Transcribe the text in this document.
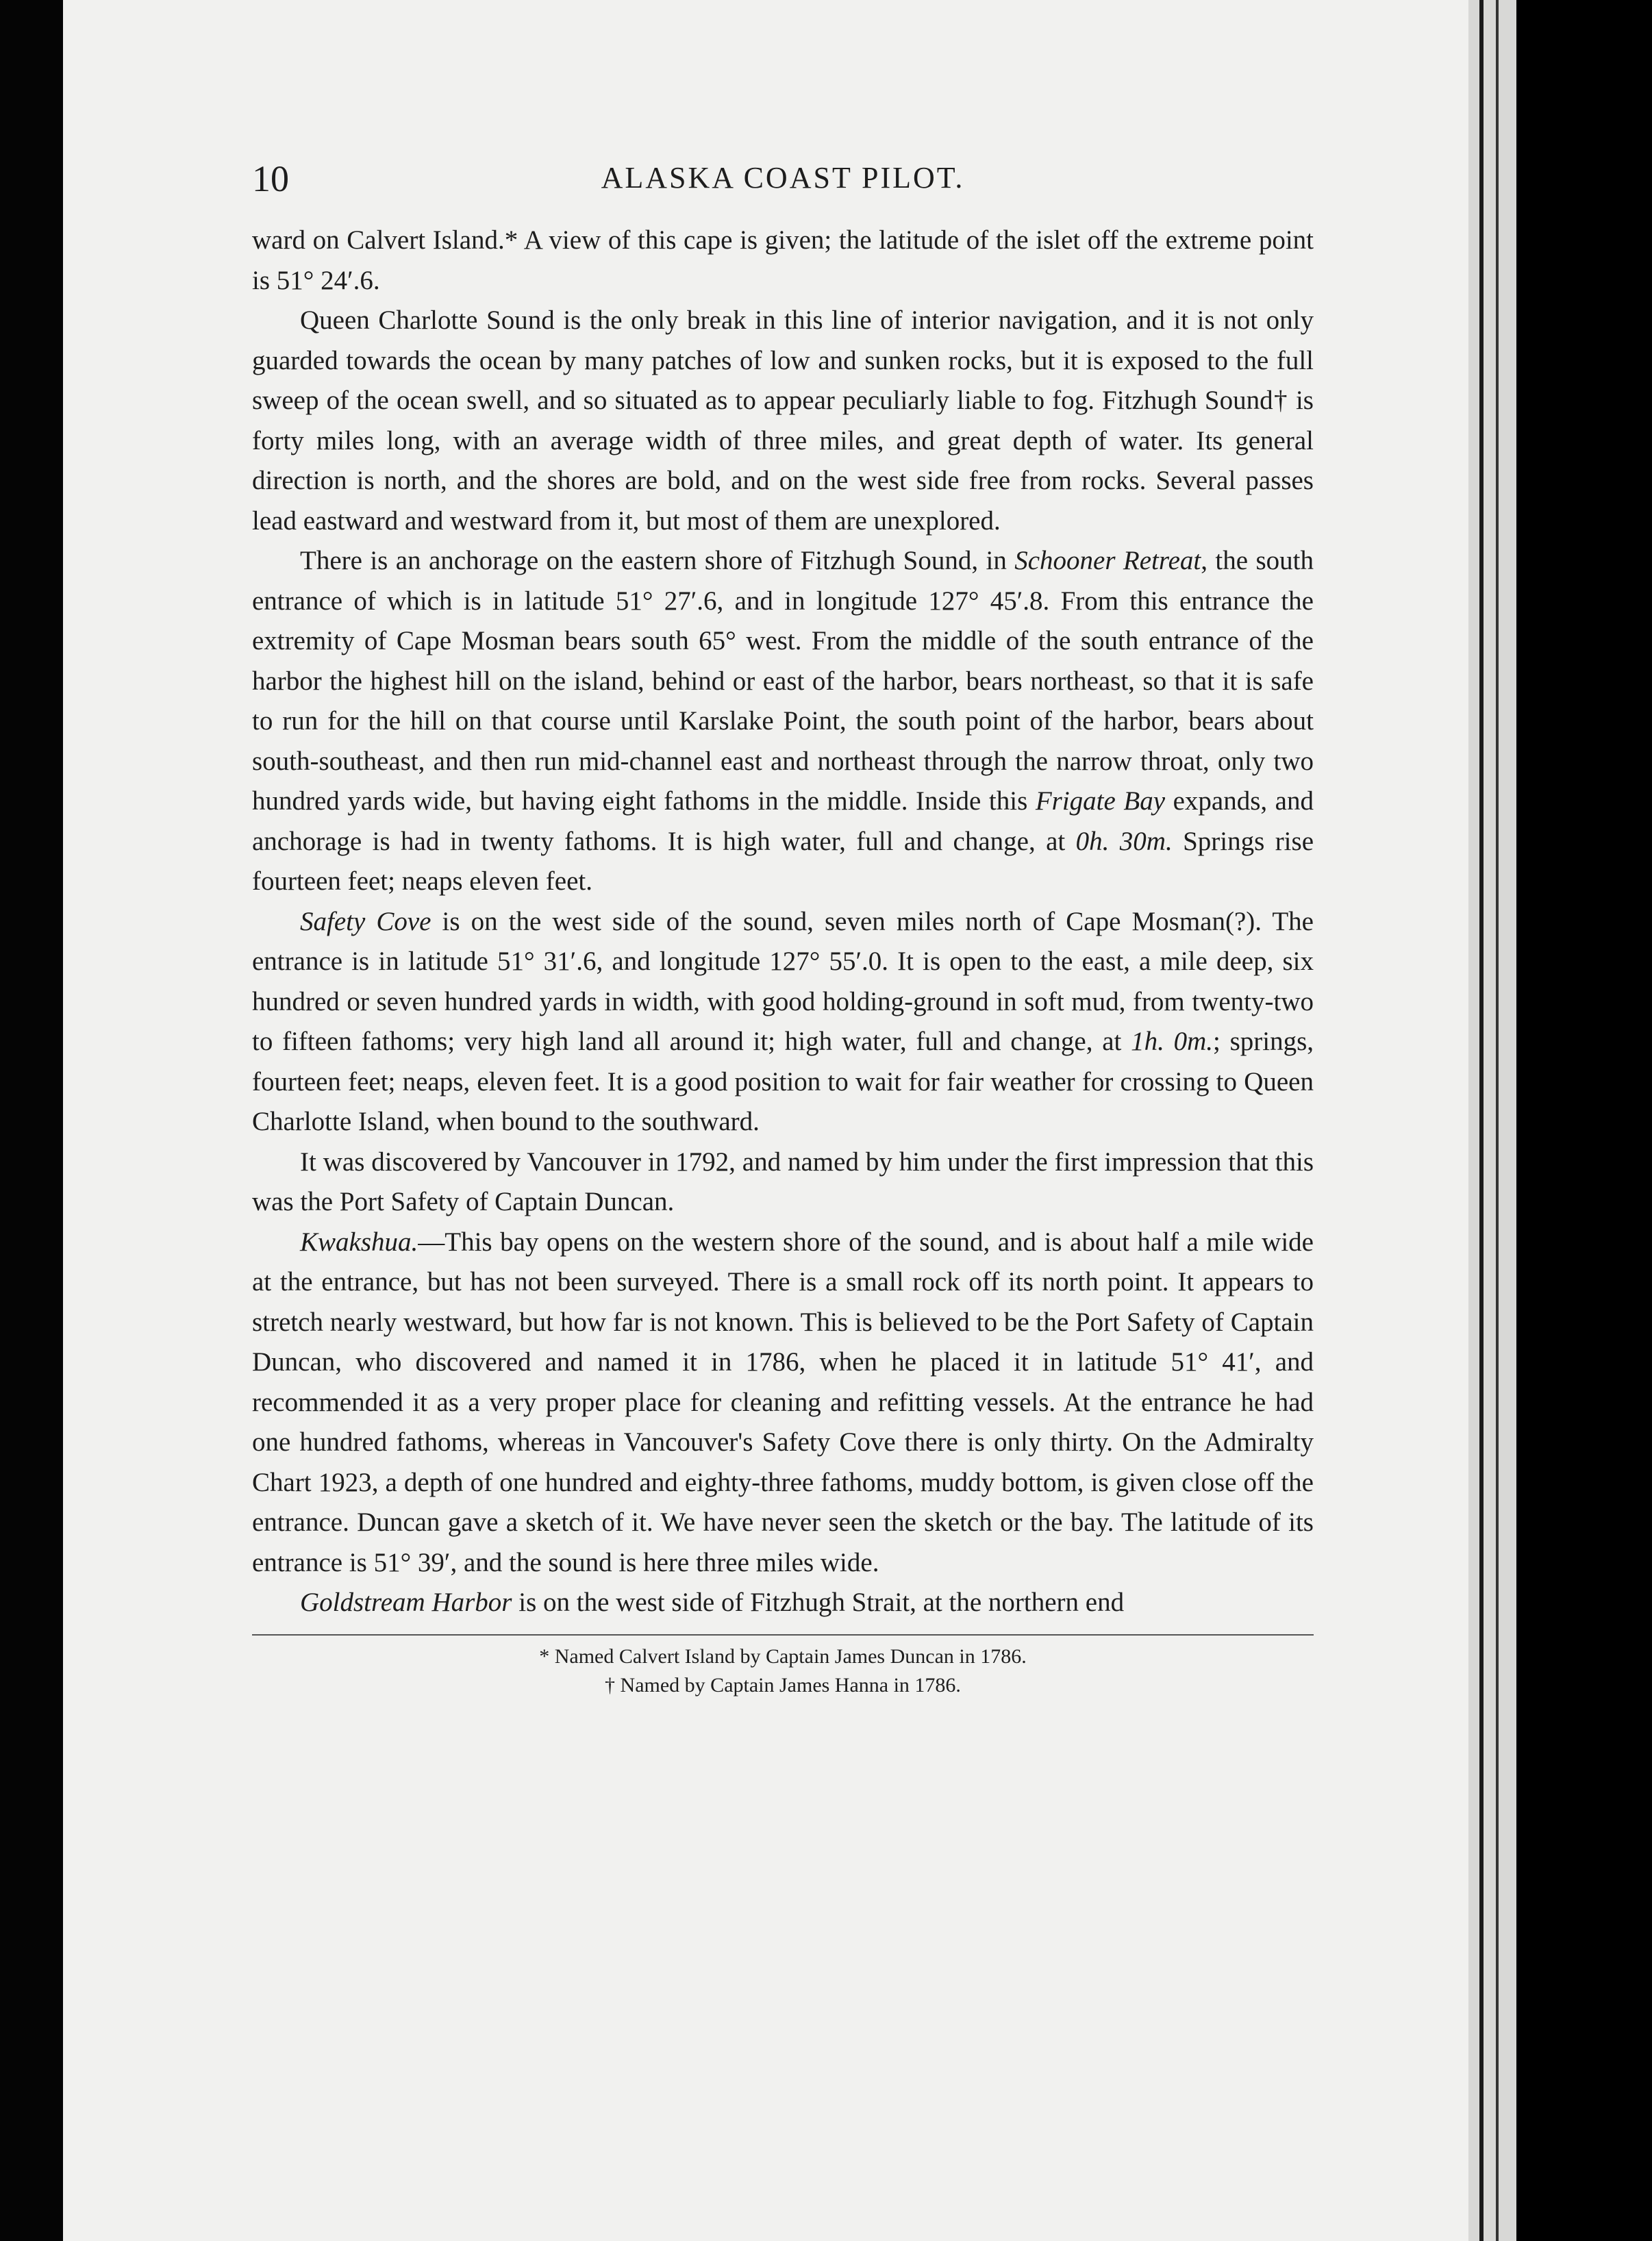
10	ALASKA COAST PILOT.

ward on Calvert Island.* A view of this cape is given; the latitude of the islet off the extreme point is 51° 24′.6.

Queen Charlotte Sound is the only break in this line of interior navigation, and it is not only guarded towards the ocean by many patches of low and sunken rocks, but it is exposed to the full sweep of the ocean swell, and so situated as to appear peculiarly liable to fog. Fitzhugh Sound† is forty miles long, with an average width of three miles, and great depth of water. Its general direction is north, and the shores are bold, and on the west side free from rocks. Several passes lead eastward and westward from it, but most of them are unexplored.

There is an anchorage on the eastern shore of Fitzhugh Sound, in Schooner Retreat, the south entrance of which is in latitude 51° 27′.6, and in longitude 127° 45′.8. From this entrance the extremity of Cape Mosman bears south 65° west. From the middle of the south entrance of the harbor the highest hill on the island, behind or east of the harbor, bears northeast, so that it is safe to run for the hill on that course until Karslake Point, the south point of the harbor, bears about south-southeast, and then run mid-channel east and northeast through the narrow throat, only two hundred yards wide, but having eight fathoms in the middle. Inside this Frigate Bay expands, and anchorage is had in twenty fathoms. It is high water, full and change, at 0h. 30m. Springs rise fourteen feet; neaps eleven feet.

Safety Cove is on the west side of the sound, seven miles north of Cape Mosman(?). The entrance is in latitude 51° 31′.6, and longitude 127° 55′.0. It is open to the east, a mile deep, six hundred or seven hundred yards in width, with good holding-ground in soft mud, from twenty-two to fifteen fathoms; very high land all around it; high water, full and change, at 1h. 0m.; springs, fourteen feet; neaps, eleven feet. It is a good position to wait for fair weather for crossing to Queen Charlotte Island, when bound to the southward.

It was discovered by Vancouver in 1792, and named by him under the first impression that this was the Port Safety of Captain Duncan.

Kwakshua.—This bay opens on the western shore of the sound, and is about half a mile wide at the entrance, but has not been surveyed. There is a small rock off its north point. It appears to stretch nearly westward, but how far is not known. This is believed to be the Port Safety of Captain Duncan, who discovered and named it in 1786, when he placed it in latitude 51° 41′, and recommended it as a very proper place for cleaning and refitting vessels. At the entrance he had one hundred fathoms, whereas in Vancouver's Safety Cove there is only thirty. On the Admiralty Chart 1923, a depth of one hundred and eighty-three fathoms, muddy bottom, is given close off the entrance. Duncan gave a sketch of it. We have never seen the sketch or the bay. The latitude of its entrance is 51° 39′, and the sound is here three miles wide.

Goldstream Harbor is on the west side of Fitzhugh Strait, at the northern end

* Named Calvert Island by Captain James Duncan in 1786.

† Named by Captain James Hanna in 1786.
